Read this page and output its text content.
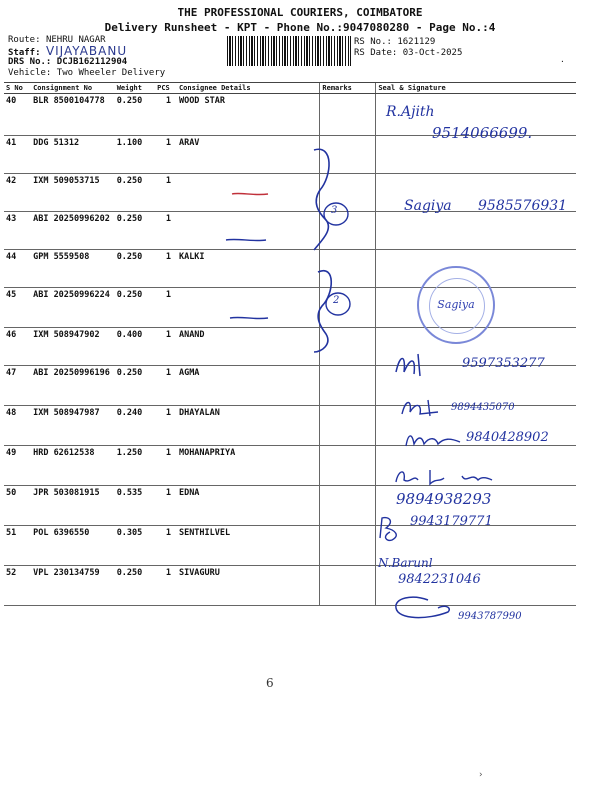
THE PROFESSIONAL COURIERS, COIMBATORE
Delivery Runsheet - KPT - Phone No.:9047080280 - Page No.:4
Route: NEHRU NAGAR
Staff: VIJAYABANU
DRS No.: DCJB162112904
Vehicle: Two Wheeler Delivery
RS No.: 1621129
RS Date: 03-Oct-2025
.
S No	Consignment No	Weight	PCS	Consignee Details	Remarks	Seal & Signature
40	BLR 8500104778	0.250	1	WOOD STAR		
41	DDG 51312	1.100	1	ARAV		
42	IXM 509053715	0.250	1			
43	ABI 20250996202	0.250	1			
44	GPM 5559508	0.250	1	KALKI		
45	ABI 20250996224	0.250	1			
46	IXM 508947902	0.400	1	ANAND		
47	ABI 20250996196	0.250	1	AGMA		
48	IXM 508947987	0.240	1	DHAYALAN		
49	HRD 62612538	1.250	1	MOHANAPRIYA		
50	JPR 503081915	0.535	1	EDNA		
51	POL 6396550	0.305	1	SENTHILVEL		
52	VPL 230134759	0.250	1	SIVAGURU		
R.Ajith
9514066699.
3
2
Sagiya 9585576931
Sagiya
9597353277
9894435070
9840428902
9894938293
9943179771
N.Barunl
9842231046
9943787990
6
›
